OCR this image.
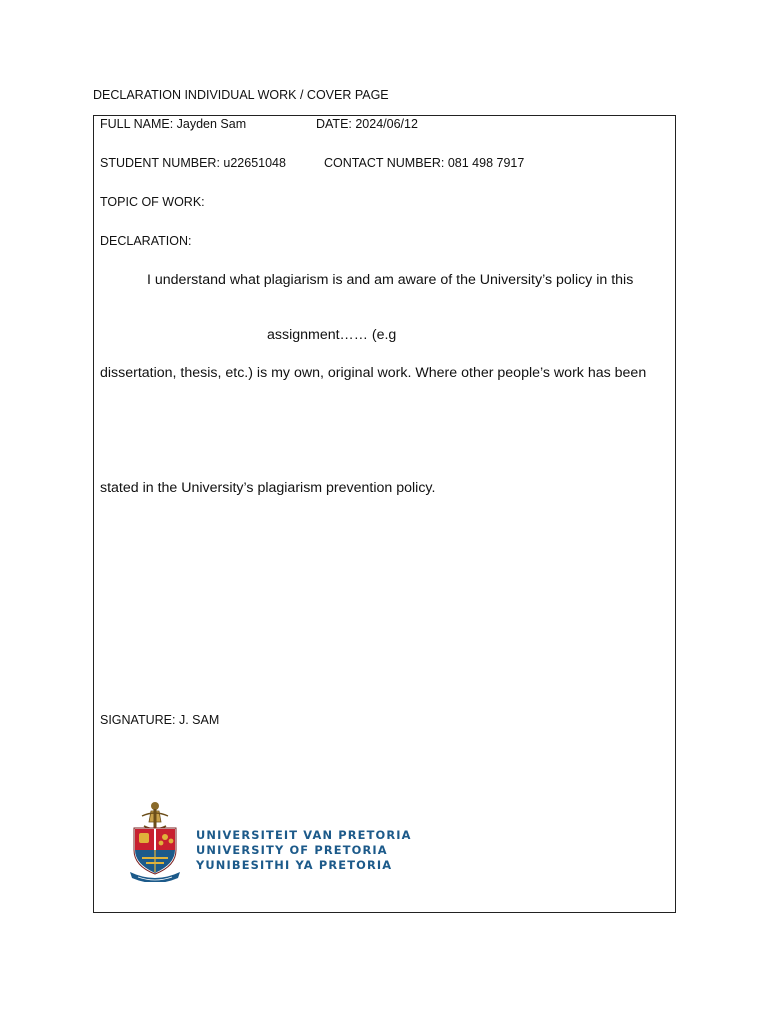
DECLARATION INDIVIDUAL WORK / COVER PAGE
FULL NAME: Jayden Sam	DATE: 2024/06/12
STUDENT NUMBER: u22651048	CONTACT NUMBER: 081 498 7917
TOPIC OF WORK:
DECLARATION:
I understand what plagiarism is and am aware of the University’s policy in this
assignment…… (e.g
dissertation, thesis, etc.) is my own, original work. Where other people’s work has been
stated in the University’s plagiarism prevention policy.
SIGNATURE: J. SAM
UNIVERSITEIT VAN PRETORIA
UNIVERSITY OF PRETORIA
YUNIBESITHI YA PRETORIA
